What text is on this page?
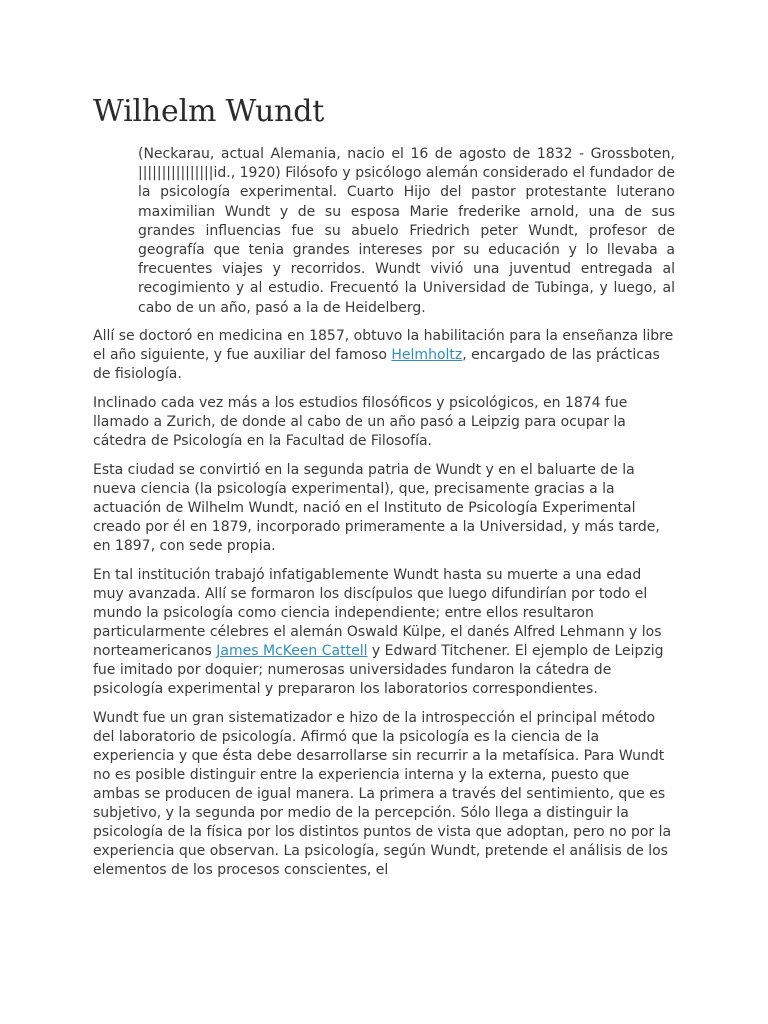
Wilhelm Wundt

(Neckarau, actual Alemania, nacio el 16 de agosto de 1832 - Grossboten, ||||||||||||||||id., 1920) Filósofo y psicólogo alemán considerado el fundador de la psicología experimental. Cuarto Hijo del pastor protestante luterano maximilian Wundt y de su esposa Marie frederike arnold, una de sus grandes influencias fue su abuelo Friedrich peter Wundt, profesor de geografía que tenia grandes intereses por su educación y lo llevaba a frecuentes viajes y recorridos. Wundt vivió una juventud entregada al recogimiento y al estudio. Frecuentó la Universidad de Tubinga, y luego, al cabo de un año, pasó a la de Heidelberg.

Allí se doctoró en medicina en 1857, obtuvo la habilitación para la enseñanza libre el año siguiente, y fue auxiliar del famoso Helmholtz, encargado de las prácticas de fisiología.

Inclinado cada vez más a los estudios filosóficos y psicológicos, en 1874 fue llamado a Zurich, de donde al cabo de un año pasó a Leipzig para ocupar la cátedra de Psicología en la Facultad de Filosofía.

Esta ciudad se convirtió en la segunda patria de Wundt y en el baluarte de la nueva ciencia (la psicología experimental), que, precisamente gracias a la actuación de Wilhelm Wundt, nació en el Instituto de Psicología Experimental creado por él en 1879, incorporado primeramente a la Universidad, y más tarde, en 1897, con sede propia.

En tal institución trabajó infatigablemente Wundt hasta su muerte a una edad muy avanzada. Allí se formaron los discípulos que luego difundirían por todo el mundo la psicología como ciencia independiente; entre ellos resultaron particularmente célebres el alemán Oswald Külpe, el danés Alfred Lehmann y los norteamericanos James McKeen Cattell y Edward Titchener. El ejemplo de Leipzig fue imitado por doquier; numerosas universidades fundaron la cátedra de psicología experimental y prepararon los laboratorios correspondientes.

Wundt fue un gran sistematizador e hizo de la introspección el principal método del laboratorio de psicología. Afirmó que la psicología es la ciencia de la experiencia y que ésta debe desarrollarse sin recurrir a la metafísica. Para Wundt no es posible distinguir entre la experiencia interna y la externa, puesto que ambas se producen de igual manera. La primera a través del sentimiento, que es subjetivo, y la segunda por medio de la percepción. Sólo llega a distinguir la psicología de la física por los distintos puntos de vista que adoptan, pero no por la experiencia que observan. La psicología, según Wundt, pretende el análisis de los elementos de los procesos conscientes, el
